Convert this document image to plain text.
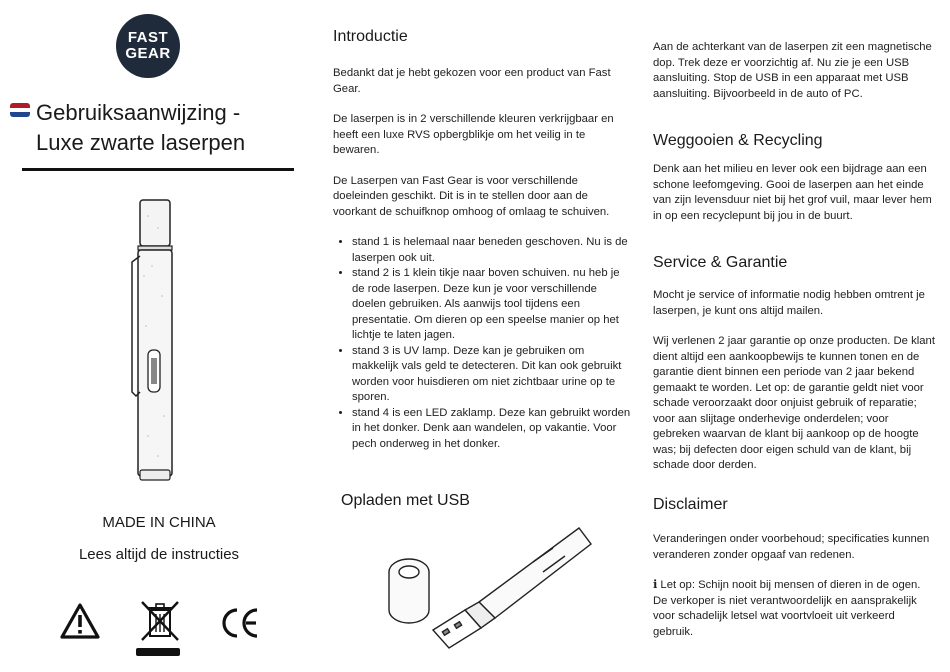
FAST
GEAR
Gebruiksaanwijzing -
Luxe zwarte laserpen
MADE IN CHINA
Lees altijd de instructies
Introductie

Bedankt dat je hebt gekozen voor een product van Fast Gear.

De laserpen is in 2 verschillende kleuren verkrijgbaar en heeft een luxe RVS opbergblikje om het veilig in te bewaren.

De Laserpen van Fast Gear is voor verschillende doeleinden geschikt. Dit is in te stellen door aan de voorkant de schuifknop omhoog of omlaag te schuiven.

• stand 1 is helemaal naar beneden geschoven. Nu is de laserpen ook uit.
• stand 2 is 1 klein tikje naar boven schuiven. nu heb je de rode laserpen. Deze kun je voor verschillende doelen gebruiken. Als aanwijs tool tijdens een presentatie. Om dieren op een speelse manier op het lichtje te laten jagen.
• stand 3 is UV lamp. Deze kan je gebruiken om makkelijk vals geld te detecteren. Dit kan ook gebruikt worden voor huisdieren om niet zichtbaar urine op te sporen.
• stand 4 is een LED zaklamp. Deze kan gebruikt worden in het donker. Denk aan wandelen, op vakantie. Voor pech onderweg in het donker.
Opladen met USB

Aan de achterkant van de laserpen zit een magnetische dop. Trek deze er voorzichtig af. Nu zie je een USB aansluiting. Stop de USB in een apparaat met USB aansluiting. Bijvoorbeeld in de auto of PC.

Weggooien & Recycling

Denk aan het milieu en lever ook een bijdrage aan een schone leefomgeving. Gooi de laserpen aan het einde van zijn levensduur niet bij het grof vuil, maar lever hem in op een recyclepunt bij jou in de buurt.

Service & Garantie

Mocht je service of informatie nodig hebben omtrent je laserpen, je kunt ons altijd mailen.

Wij verlenen 2 jaar garantie op onze producten. De klant dient altijd een aankoopbewijs te kunnen tonen en de garantie dient binnen een periode van 2 jaar bekend gemaakt te worden. Let op: de garantie geldt niet voor schade veroorzaakt door onjuist gebruik of reparatie; voor aan slijtage onderhevige onderdelen; voor gebreken waarvan de klant bij aankoop op de hoogte was; bij defecten door eigen schuld van de klant, bij schade door derden.

Disclaimer

Veranderingen onder voorbehoud; specificaties kunnen veranderen zonder opgaaf van redenen.

ℹ Let op: Schijn nooit bij mensen of dieren in de ogen. De verkoper is niet verantwoordelijk en aansprakelijk voor schadelijk letsel wat voortvloeit uit verkeerd gebruik.
